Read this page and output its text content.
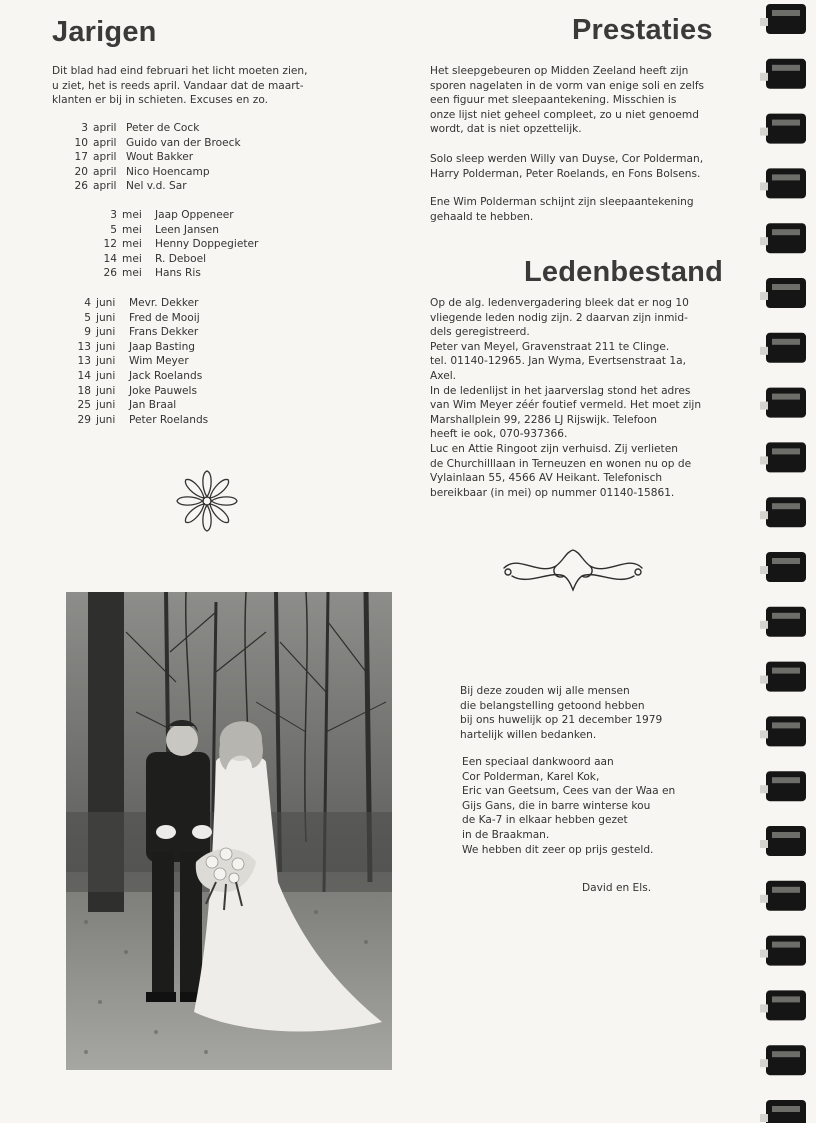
Jarigen

Dit blad had eind februari het licht moeten zien,
u ziet, het is reeds april. Vandaar dat de maart-
klanten er bij in schieten. Excuses en zo.

3 april Peter de Cock
10 april Guido van der Broeck
17 april Wout Bakker
20 april Nico Hoencamp
26 april Nel v.d. Sar
3 mei Jaap Oppeneer
5 mei Leen Jansen
12 mei Henny Doppegieter
14 mei R. Deboel
26 mei Hans Ris
4 juni Mevr. Dekker
5 juni Fred de Mooij
9 juni Frans Dekker
13 juni Jaap Basting
13 juni Wim Meyer
14 juni Jack Roelands
18 juni Joke Pauwels
25 juni Jan Braal
29 juni Peter Roelands
Prestaties

Het sleepgebeuren op Midden Zeeland heeft zijn
sporen nagelaten in de vorm van enige soli en zelfs
een figuur met sleepaantekening. Misschien is
onze lijst niet geheel compleet, zo u niet genoemd
wordt, dat is niet opzettelijk.

Solo sleep werden Willy van Duyse, Cor Polderman,
Harry Polderman, Peter Roelands, en Fons Bolsens.

Ene Wim Polderman schijnt zijn sleepaantekening
gehaald te hebben.

Ledenbestand

Op de alg. ledenvergadering bleek dat er nog 10
vliegende leden nodig zijn. 2 daarvan zijn inmid-
dels geregistreerd.
Peter van Meyel, Gravenstraat 211 te Clinge.
tel. 01140-12965. Jan Wyma, Evertsenstraat 1a,
Axel.
In de ledenlijst in het jaarverslag stond het adres
van Wim Meyer zéér foutief vermeld. Het moet zijn
Marshallplein 99, 2286 LJ Rijswijk. Telefoon
heeft ie ook, 070-937366.
Luc en Attie Ringoot zijn verhuisd. Zij verlieten
de Churchilllaan in Terneuzen en wonen nu op de
Vylainlaan 55, 4566 AV Heikant. Telefonisch
bereikbaar (in mei) op nummer 01140-15861.

Bij deze zouden wij alle mensen
die belangstelling getoond hebben
bij ons huwelijk op 21 december 1979
hartelijk willen bedanken.

Een speciaal dankwoord aan
Cor Polderman, Karel Kok,
Eric van Geetsum, Cees van der Waa en
Gijs Gans, die in barre winterse kou
de Ka-7 in elkaar hebben gezet
in de Braakman.
We hebben dit zeer op prijs gesteld.

David en Els.
